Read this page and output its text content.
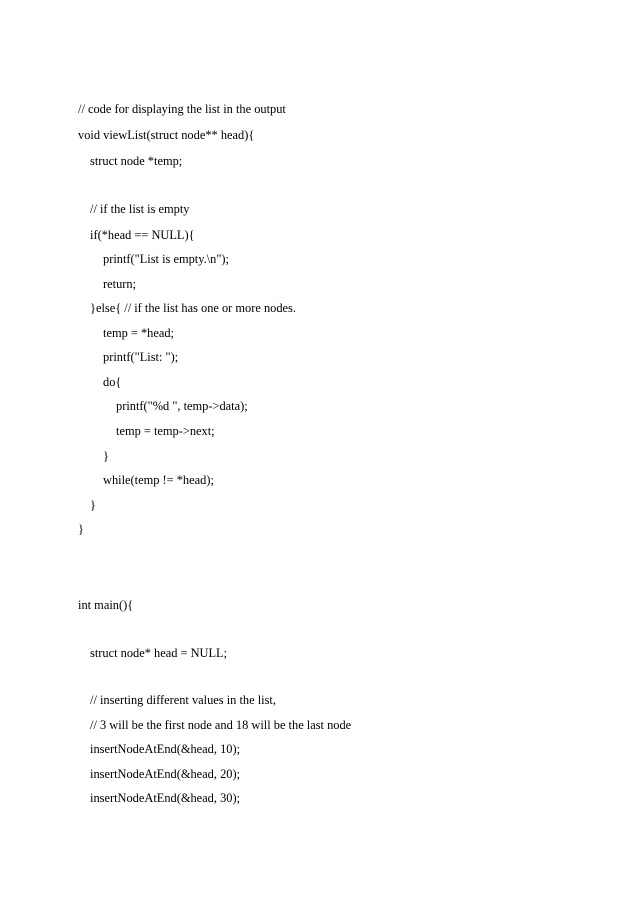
// code for displaying the list in the output
void viewList(struct node** head){
struct node *temp;
// if the list is empty
if(*head == NULL){
printf("List is empty.\n");
return;
}else{ // if the list has one or more nodes.
temp = *head;
printf("List: ");
do{
printf("%d ", temp->data);
temp = temp->next;
}
while(temp != *head);
}
}
int main(){
struct node* head = NULL;
// inserting different values in the list,
// 3 will be the first node and 18 will be the last node
insertNodeAtEnd(&head, 10);
insertNodeAtEnd(&head, 20);
insertNodeAtEnd(&head, 30);
